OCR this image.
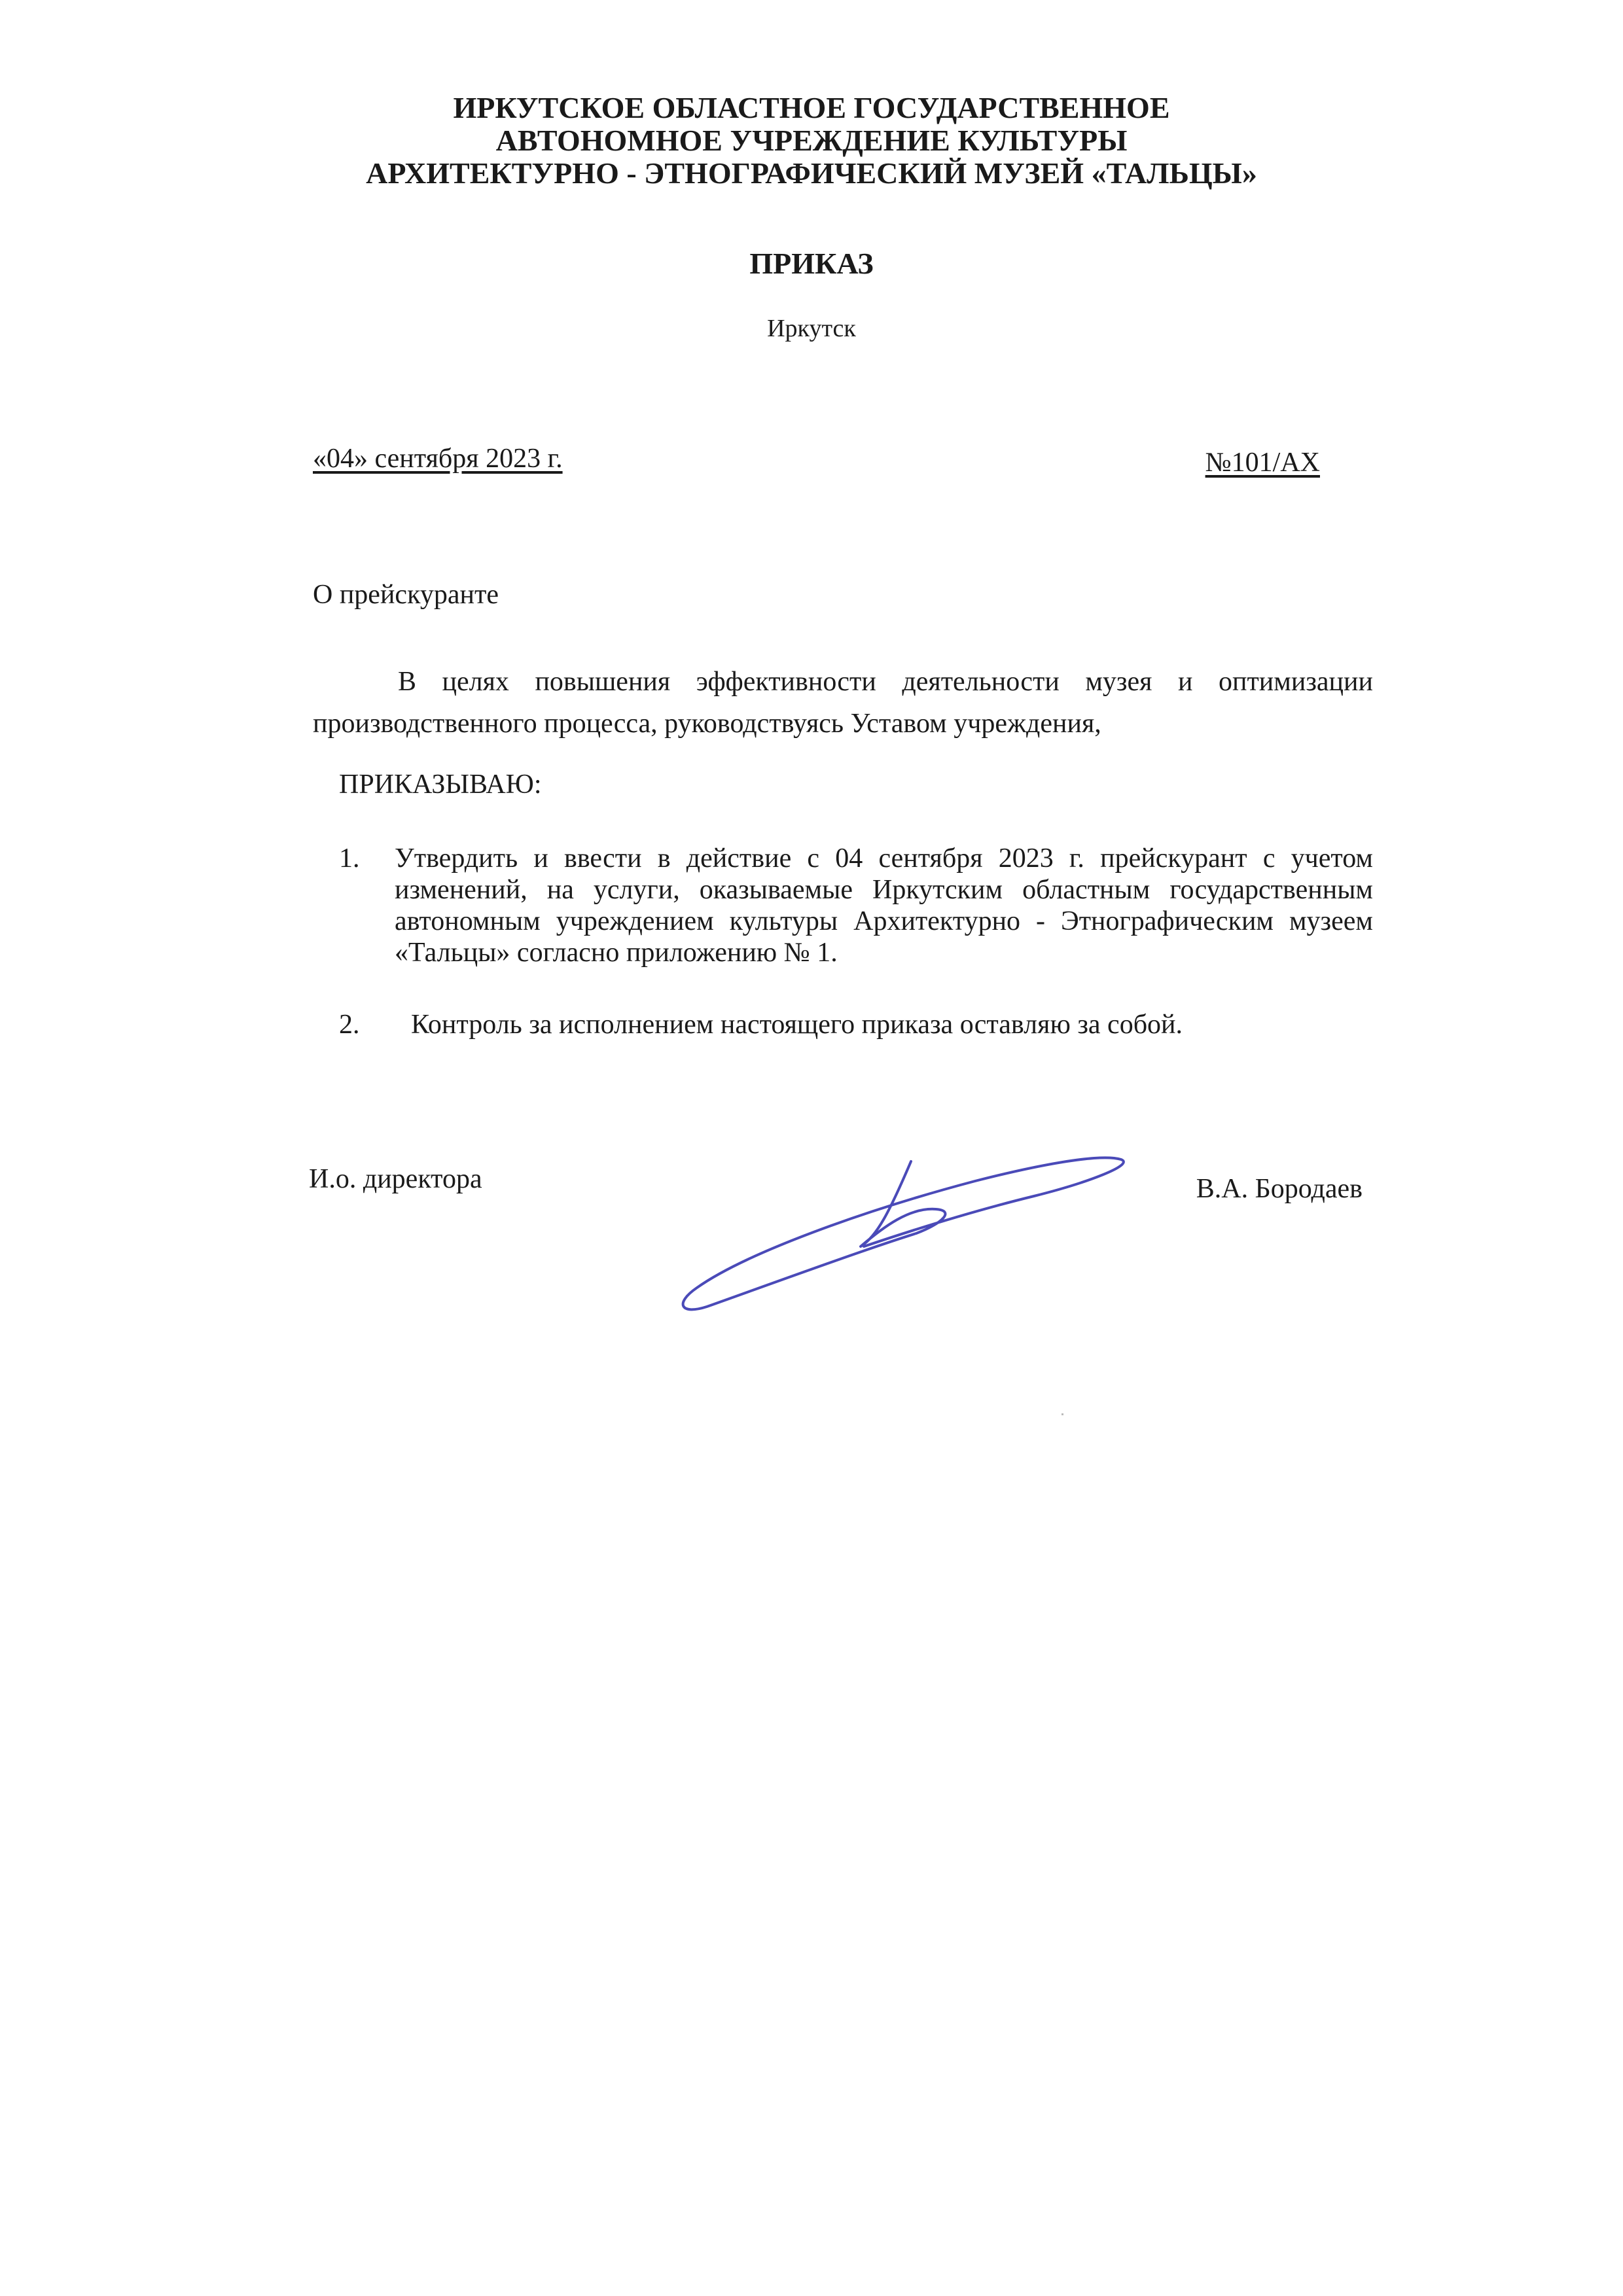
ИРКУТСКОЕ ОБЛАСТНОЕ ГОСУДАРСТВЕННОЕ
АВТОНОМНОЕ УЧРЕЖДЕНИЕ КУЛЬТУРЫ
АРХИТЕКТУРНО - ЭТНОГРАФИЧЕСКИЙ МУЗЕЙ «ТАЛЬЦЫ»
ПРИКАЗ
Иркутск
«04» сентября 2023 г.	№101/АХ
О прейскуранте
В целях повышения эффективности деятельности музея и оптимизации производственного процесса, руководствуясь Уставом учреждения,
ПРИКАЗЫВАЮ:
1. Утвердить и ввести в действие с 04 сентября 2023 г. прейскурант с учетом изменений, на услуги, оказываемые Иркутским областным государственным автономным учреждением культуры Архитектурно - Этнографическим музеем «Тальцы» согласно приложению № 1.
2. Контроль за исполнением настоящего приказа оставляю за собой.
И.о. директора	В.А. Бородаев
